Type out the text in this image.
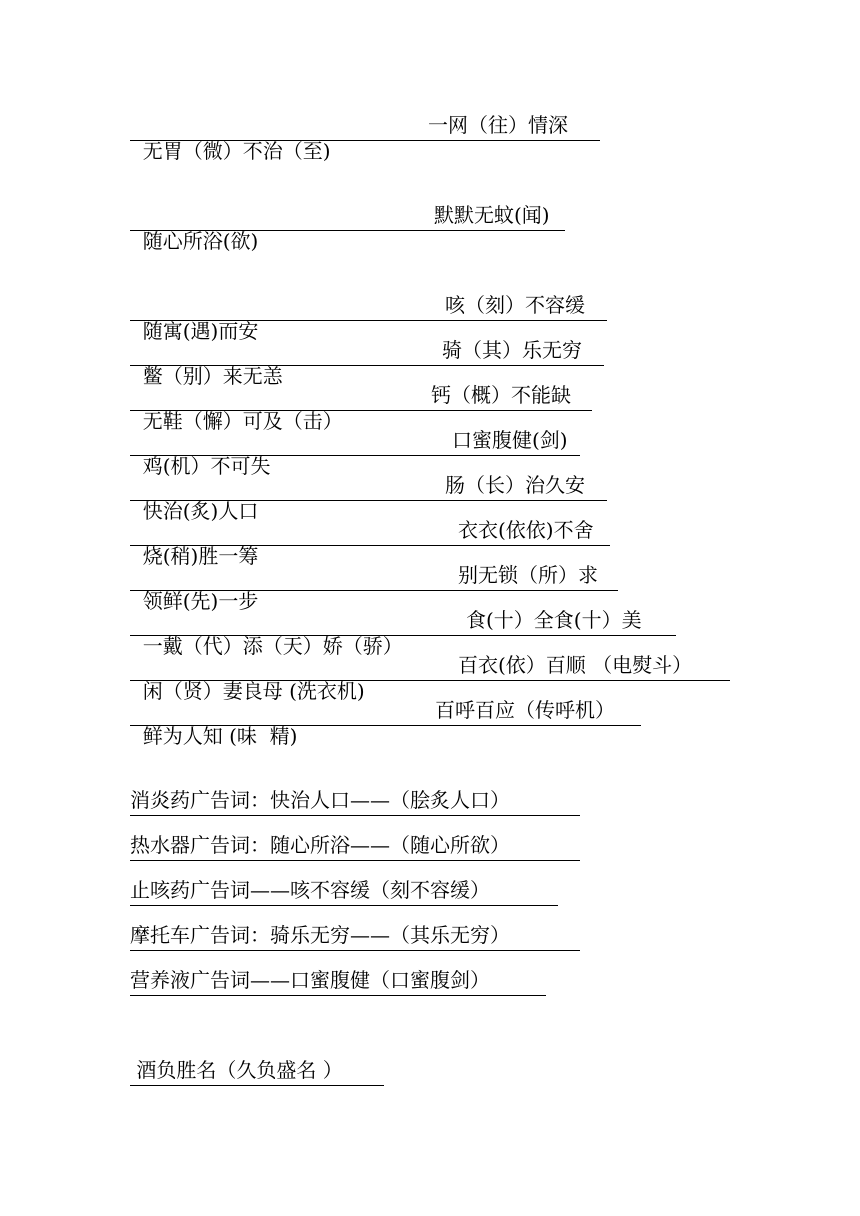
无胃（微）不治（至)

一网（往）情深

随心所浴(欲)

默默无蚊(闻)

随寓(遇)而安

咳（刻）不容缓

鳖（别）来无恙

骑（其）乐无穷

无鞋（懈）可及（击）

钙（概）不能缺

鸡(机）不可失

口蜜腹健(剑)

快治(炙)人口

肠（长）治久安

烧(稍)胜一筹

衣衣(依依)不舍

领鲜(先)一步

别无锁（所）求

一戴（代）添（天）娇（骄）

食(十）全食(十）美

闲（贤）妻良母 (洗衣机)

百衣(依）百顺 （电熨斗）

鲜为人知 (味  精)

百呼百应（传呼机）

消炎药广告词：快治人口——（脍炙人口）
热水器广告词：随心所浴——（随心所欲）
止咳药广告词——咳不容缓（刻不容缓）
摩托车广告词：骑乐无穷——（其乐无穷）
营养液广告词——口蜜腹健（口蜜腹剑）
酒负胜名（久负盛名 ）
